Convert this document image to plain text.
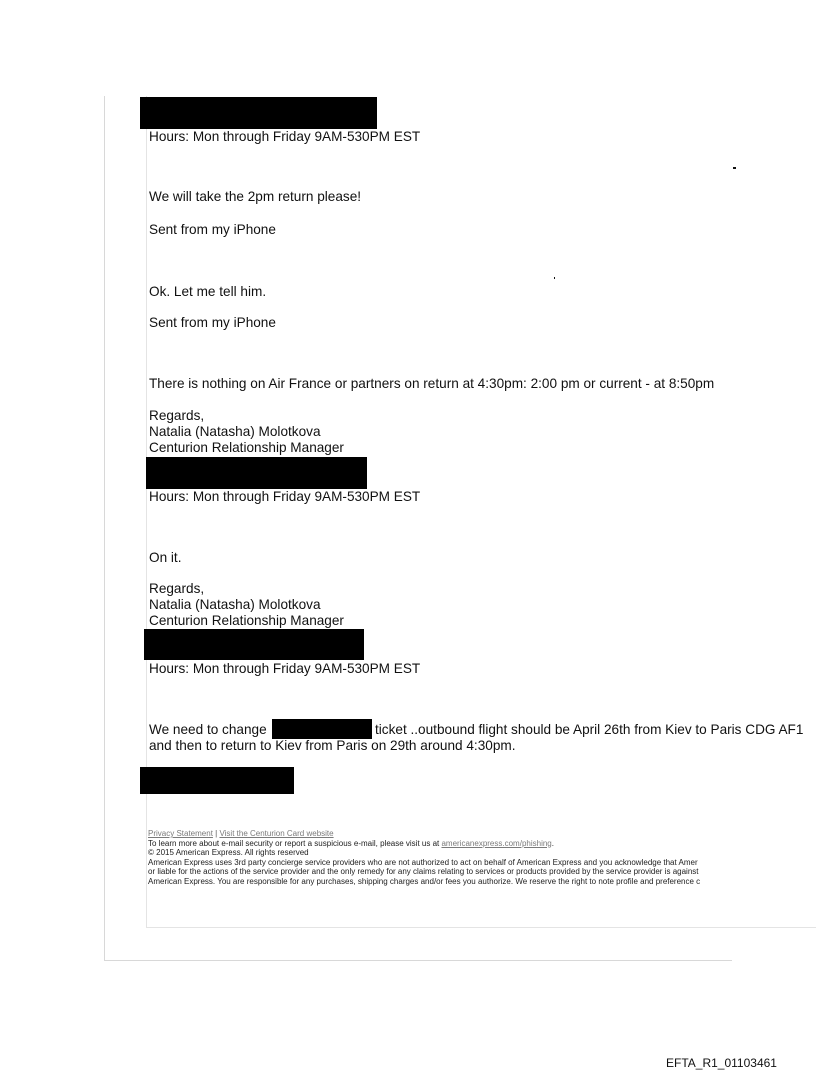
Hours: Mon through Friday 9AM-530PM EST
We will take the 2pm return please!
Sent from my iPhone
Ok. Let me tell him.
Sent from my iPhone
There is nothing on Air France or partners on return at 4:30pm: 2:00 pm or current - at 8:50pm
Regards,
Natalia (Natasha) Molotkova
Centurion Relationship Manager
Hours: Mon through Friday 9AM-530PM EST
On it.
Regards,
Natalia (Natasha) Molotkova
Centurion Relationship Manager
Hours: Mon through Friday 9AM-530PM EST
We need to change	ticket ..outbound flight should be April 26th from Kiev to Paris CDG AF1
and then to return to Kiev from Paris on 29th around 4:30pm.
Privacy Statement | Visit the Centurion Card website
To learn more about e-mail security or report a suspicious e-mail, please visit us at americanexpress.com/phishing.
© 2015 American Express. All rights reserved
American Express uses 3rd party concierge service providers who are not authorized to act on behalf of American Express and you acknowledge that Amer
or liable for the actions of the service provider and the only remedy for any claims relating to services or products provided by the service provider is against
American Express. You are responsible for any purchases, shipping charges and/or fees you authorize. We reserve the right to note profile and preference c
EFTA_R1_01103461
